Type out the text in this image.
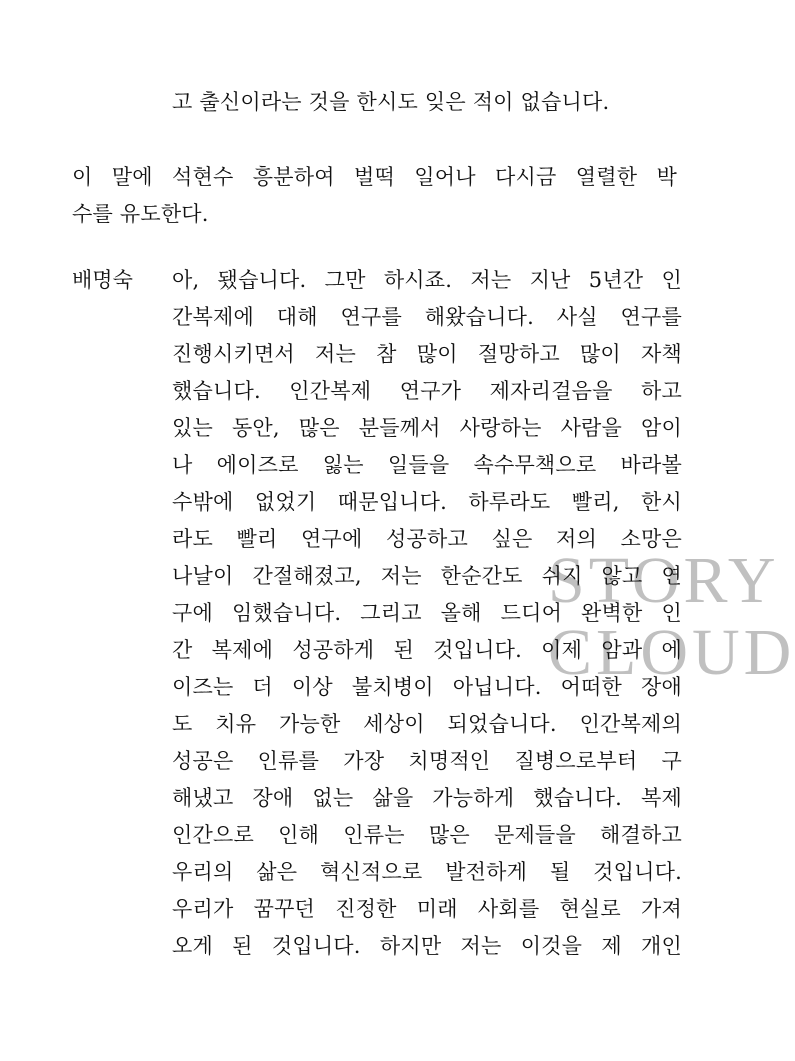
STORY
CLOUD
고 출신이라는 것을 한시도 잊은 적이 없습니다.
이 말에 석현수 흥분하여 벌떡 일어나 다시금 열렬한 박
수를 유도한다.
배명숙 아, 됐습니다. 그만 하시죠. 저는 지난 5년간 인
간복제에 대해 연구를 해왔습니다. 사실 연구를
진행시키면서 저는 참 많이 절망하고 많이 자책
했습니다. 인간복제 연구가 제자리걸음을 하고
있는 동안, 많은 분들께서 사랑하는 사람을 암이
나 에이즈로 잃는 일들을 속수무책으로 바라볼
수밖에 없었기 때문입니다. 하루라도 빨리, 한시
라도 빨리 연구에 성공하고 싶은 저의 소망은
나날이 간절해졌고, 저는 한순간도 쉬지 않고 연
구에 임했습니다. 그리고 올해 드디어 완벽한 인
간 복제에 성공하게 된 것입니다. 이제 암과 에
이즈는 더 이상 불치병이 아닙니다. 어떠한 장애
도 치유 가능한 세상이 되었습니다. 인간복제의
성공은 인류를 가장 치명적인 질병으로부터 구
해냈고 장애 없는 삶을 가능하게 했습니다. 복제
인간으로 인해 인류는 많은 문제들을 해결하고
우리의 삶은 혁신적으로 발전하게 될 것입니다.
우리가 꿈꾸던 진정한 미래 사회를 현실로 가져
오게 된 것입니다. 하지만 저는 이것을 제 개인
